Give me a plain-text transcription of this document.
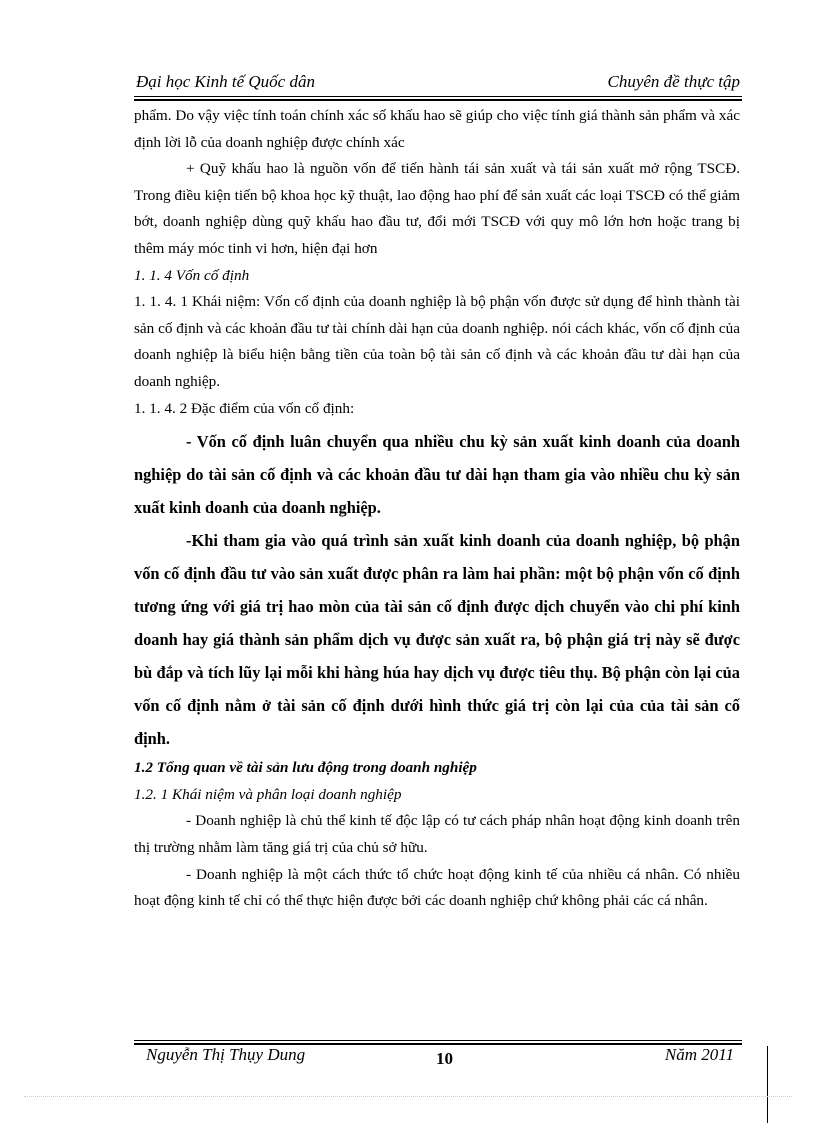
Đại học Kinh tế Quốc dân	Chuyên đề thực tập

phẩm. Do vậy việc tính toán chính xác số khấu hao sẽ giúp cho việc tính giá thành sản phẩm và xác định lời lỗ của doanh nghiệp được chính xác

+ Quỹ khấu hao là nguồn vốn để tiến hành tái sản xuất và tái sản xuất mở rộng TSCĐ. Trong điều kiện tiến bộ khoa học kỹ thuật, lao động hao phí để sản xuất các loại TSCĐ có thể giảm bớt, doanh nghiệp dùng quỹ khấu hao đầu tư, đổi mới TSCĐ với quy mô lớn hơn hoặc trang bị thêm máy móc tinh vi hơn, hiện đại hơn

1. 1. 4 Vốn cố định

1. 1. 4. 1 Khái niệm: Vốn cố định của doanh nghiệp là bộ phận vốn được sử dụng để hình thành tài sản cố định và các khoản đầu tư tài chính dài hạn của doanh nghiệp. nói cách khác, vốn cố định của doanh nghiệp là biểu hiện bằng tiền của toàn bộ tài sản cố định và các khoản đầu tư dài hạn của doanh nghiệp.

1. 1. 4. 2 Đặc điểm của vốn cố định:

- Vốn cố định luân chuyển qua nhiều chu kỳ sản xuất kinh doanh của doanh nghiệp do tài sản cố định và các khoản đầu tư dài hạn tham gia vào nhiều chu kỳ sản xuất kinh doanh của doanh nghiệp.

-Khi tham gia vào quá trình sản xuất kinh doanh của doanh nghiệp, bộ phận vốn cố định đầu tư vào sản xuất được phân ra làm hai phần: một bộ phận vốn cố định tương ứng với giá trị hao mòn của tài sản cố định được dịch chuyển vào chi phí kinh doanh hay giá thành sản phẩm dịch vụ được sản xuất ra, bộ phận giá trị này sẽ được bù đắp và tích lũy lại mỗi khi hàng húa hay dịch vụ được tiêu thụ. Bộ phận còn lại của vốn cố định nằm ở tài sản cố định dưới hình thức giá trị còn lại của của tài sản cố định.

1.2 Tổng quan về tài sản lưu động trong doanh nghiệp

1.2. 1 Khái niệm và phân loại doanh nghiệp

- Doanh nghiệp là chủ thể kinh tế độc lập có tư cách pháp nhân hoạt động kinh doanh trên thị trường nhằm làm tăng giá trị của chủ sở hữu.

- Doanh nghiệp là một cách thức tổ chức hoạt động kinh tế của nhiều cá nhân. Có nhiều hoạt động kinh tế chỉ có thể thực hiện được bởi các doanh nghiệp chứ không phải các cá nhân.

Nguyễn Thị Thụy Dung	10	Năm 2011
